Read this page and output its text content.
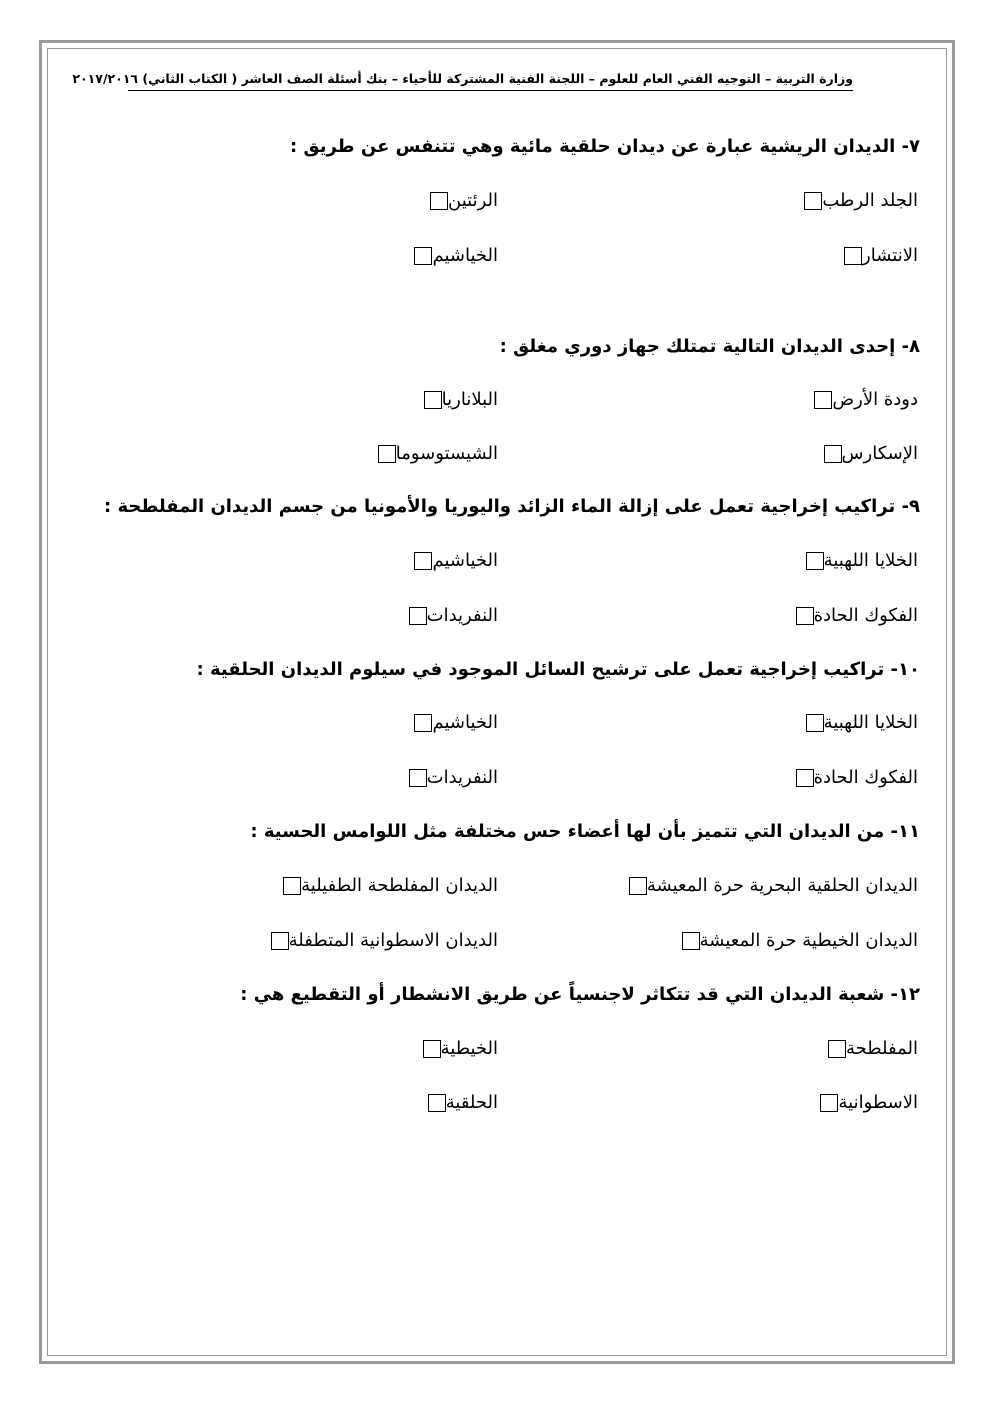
وزارة التربية – التوجيه الفني العام للعلوم – اللجنة الفنية المشتركة للأحياء – بنك أسئلة الصف العاشر ( الكتاب الثاني) ٢٠١٧/٢٠١٦
٧- الديدان الريشية عبارة عن ديدان حلقية مائية وهي تتنفس عن طريق :
الجلد الرطب
الرئتين
الانتشار
الخياشيم
٨- إحدى الديدان التالية تمتلك جهاز دوري مغلق :
دودة الأرض
البلاناريا
الإسكارس
الشيستوسوما
٩- تراكيب إخراجية تعمل على إزالة الماء الزائد واليوريا والأمونيا من جسم الديدان المفلطحة :
الخلايا اللهبية
الخياشيم
الفكوك الحادة
النفريدات
١٠- تراكيب إخراجية تعمل على ترشيح السائل الموجود في سيلوم الديدان الحلقية :
الخلايا اللهبية
الخياشيم
الفكوك الحادة
النفريدات
١١- من الديدان التي تتميز بأن لها أعضاء حس مختلفة مثل اللوامس الحسية :
الديدان الحلقية البحرية حرة المعيشة
الديدان المفلطحة الطفيلية
الديدان الخيطية حرة المعيشة
الديدان الاسطوانية المتطفلة
١٢- شعبة الديدان التي قد تتكاثر لاجنسياً عن طريق الانشطار أو التقطيع هي :
المفلطحة
الخيطية
الاسطوانية
الحلقية
